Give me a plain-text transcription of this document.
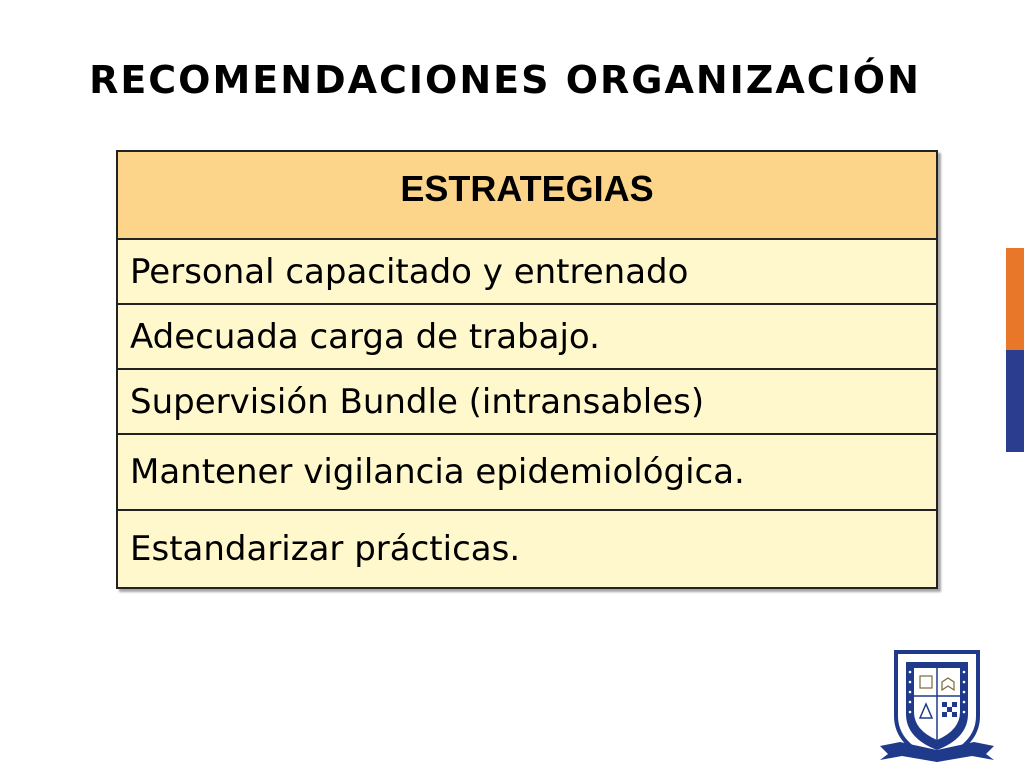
RECOMENDACIONES ORGANIZACIÓN
ESTRATEGIAS
Personal capacitado y entrenado
Adecuada carga de trabajo.
Supervisión Bundle (intransables)
Mantener vigilancia epidemiológica.
Estandarizar prácticas.
